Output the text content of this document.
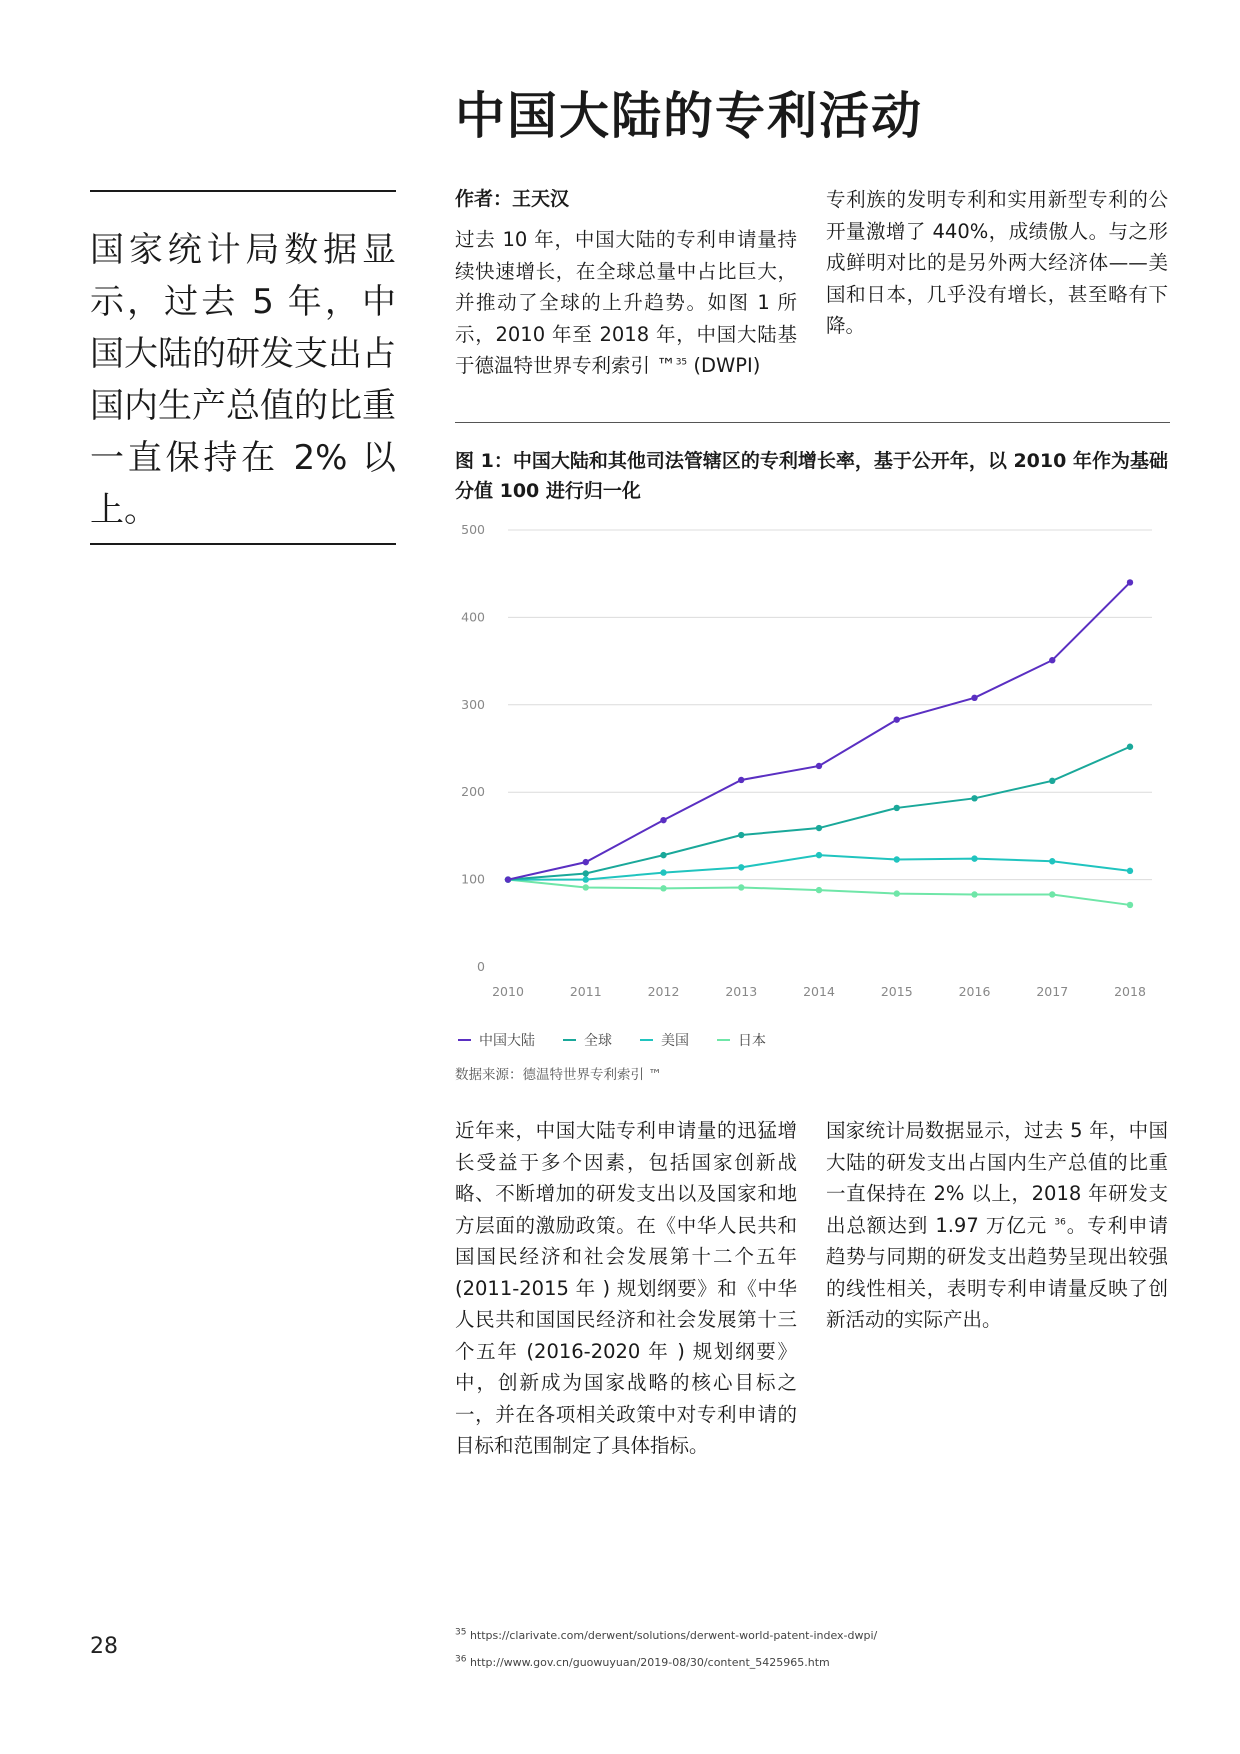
中国大陆的专利活动
国家统计局数据显示，过去 5 年，中国大陆的研发支出占国内生产总值的比重一直保持在 2% 以上。
作者：王天汉
过去 10 年，中国大陆的专利申请量持续快速增长，在全球总量中占比巨大，并推动了全球的上升趋势。如图 1 所示，2010 年至 2018 年，中国大陆基于德温特世界专利索引 ™$^{35}$ (DWPI)
专利族的发明专利和实用新型专利的公开量激增了 440%，成绩傲人。与之形成鲜明对比的是另外两大经济体——美国和日本，几乎没有增长，甚至略有下降。
图 1：中国大陆和其他司法管辖区的专利增长率，基于公开年，以 2010 年作为基础分值 100 进行归一化
0
100
200
300
400
500
2010	2011	2012	2013	2014	2015	2016	2017	2018
中国大陆	全球	美国	日本
数据来源：德温特世界专利索引 ™
近年来，中国大陆专利申请量的迅猛增长受益于多个因素，包括国家创新战略、不断增加的研发支出以及国家和地方层面的激励政策。在《中华人民共和国国民经济和社会发展第十二个五年 (2011-2015 年 ) 规划纲要》和《中华人民共和国国民经济和社会发展第十三个五年 (2016-2020 年 ) 规划纲要》中，创新成为国家战略的核心目标之一，并在各项相关政策中对专利申请的目标和范围制定了具体指标。
国家统计局数据显示，过去 5 年，中国大陆的研发支出占国内生产总值的比重一直保持在 2% 以上，2018 年研发支出总额达到 1.97 万亿元 $^{36}$。专利申请趋势与同期的研发支出趋势呈现出较强的线性相关，表明专利申请量反映了创新活动的实际产出。
28
$^{35}$ https://clarivate.com/derwent/solutions/derwent-world-patent-index-dwpi/
$^{36}$ http://www.gov.cn/guowuyuan/2019-08/30/content_5425965.htm
